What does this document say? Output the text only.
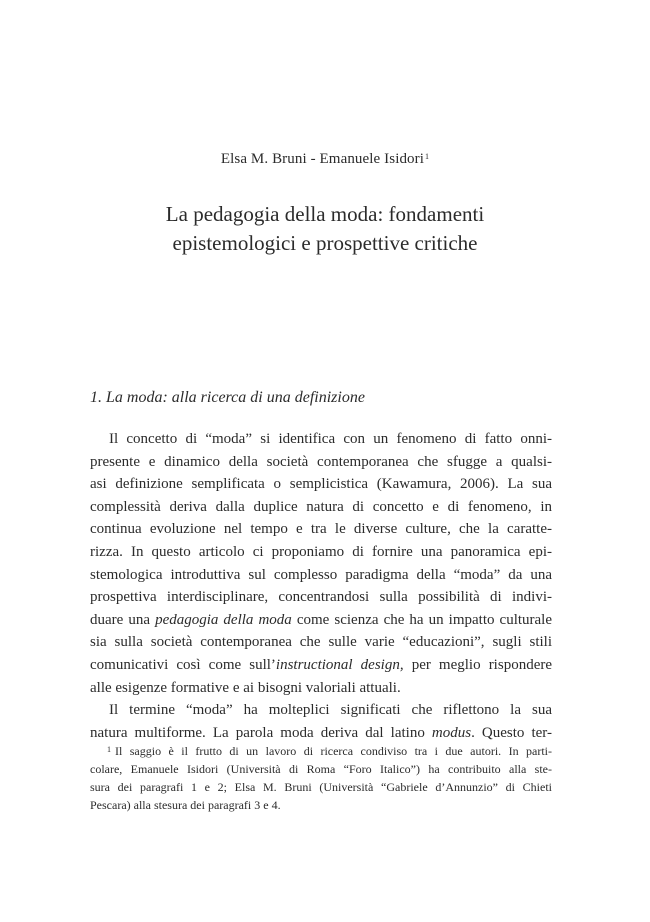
Elsa M. Bruni - Emanuele Isidori$^1$
La pedagogia della moda: fondamenti
epistemologici e prospettive critiche
1. La moda: alla ricerca di una definizione
Il concetto di “moda” si identifica con un fenomeno di fatto onni-
presente e dinamico della società contemporanea che sfugge a qualsi-
asi definizione semplificata o semplicistica (Kawamura, 2006). La sua
complessità deriva dalla duplice natura di concetto e di fenomeno, in
continua evoluzione nel tempo e tra le diverse culture, che la caratte-
rizza. In questo articolo ci proponiamo di fornire una panoramica epi-
stemologica introduttiva sul complesso paradigma della “moda” da una
prospettiva interdisciplinare, concentrandosi sulla possibilità di indivi-
duare una pedagogia della moda come scienza che ha un impatto culturale
sia sulla società contemporanea che sulle varie “educazioni”, sugli stili
comunicativi così come sull’instructional design, per meglio rispondere
alle esigenze formative e ai bisogni valoriali attuali.
Il termine “moda” ha molteplici significati che riflettono la sua
natura multiforme. La parola moda deriva dal latino modus. Questo ter-
$^1$ Il saggio è il frutto di un lavoro di ricerca condiviso tra i due autori. In parti-
colare, Emanuele Isidori (Università di Roma “Foro Italico”) ha contribuito alla ste-
sura dei paragrafi 1 e 2; Elsa M. Bruni (Università “Gabriele d’Annunzio” di Chieti
Pescara) alla stesura dei paragrafi 3 e 4.
